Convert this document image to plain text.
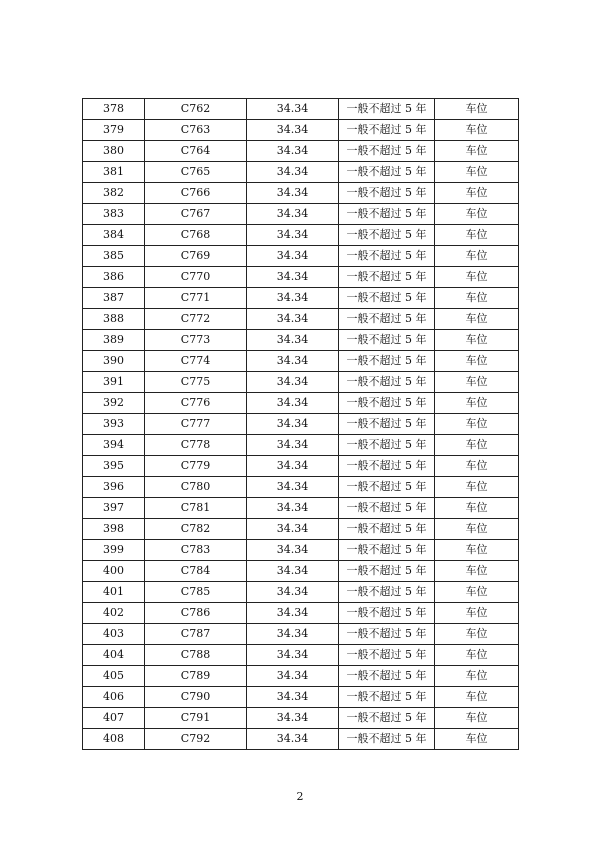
378	C762	34.34	一般不超过 5 年	车位
379	C763	34.34	一般不超过 5 年	车位
380	C764	34.34	一般不超过 5 年	车位
381	C765	34.34	一般不超过 5 年	车位
382	C766	34.34	一般不超过 5 年	车位
383	C767	34.34	一般不超过 5 年	车位
384	C768	34.34	一般不超过 5 年	车位
385	C769	34.34	一般不超过 5 年	车位
386	C770	34.34	一般不超过 5 年	车位
387	C771	34.34	一般不超过 5 年	车位
388	C772	34.34	一般不超过 5 年	车位
389	C773	34.34	一般不超过 5 年	车位
390	C774	34.34	一般不超过 5 年	车位
391	C775	34.34	一般不超过 5 年	车位
392	C776	34.34	一般不超过 5 年	车位
393	C777	34.34	一般不超过 5 年	车位
394	C778	34.34	一般不超过 5 年	车位
395	C779	34.34	一般不超过 5 年	车位
396	C780	34.34	一般不超过 5 年	车位
397	C781	34.34	一般不超过 5 年	车位
398	C782	34.34	一般不超过 5 年	车位
399	C783	34.34	一般不超过 5 年	车位
400	C784	34.34	一般不超过 5 年	车位
401	C785	34.34	一般不超过 5 年	车位
402	C786	34.34	一般不超过 5 年	车位
403	C787	34.34	一般不超过 5 年	车位
404	C788	34.34	一般不超过 5 年	车位
405	C789	34.34	一般不超过 5 年	车位
406	C790	34.34	一般不超过 5 年	车位
407	C791	34.34	一般不超过 5 年	车位
408	C792	34.34	一般不超过 5 年	车位
2
